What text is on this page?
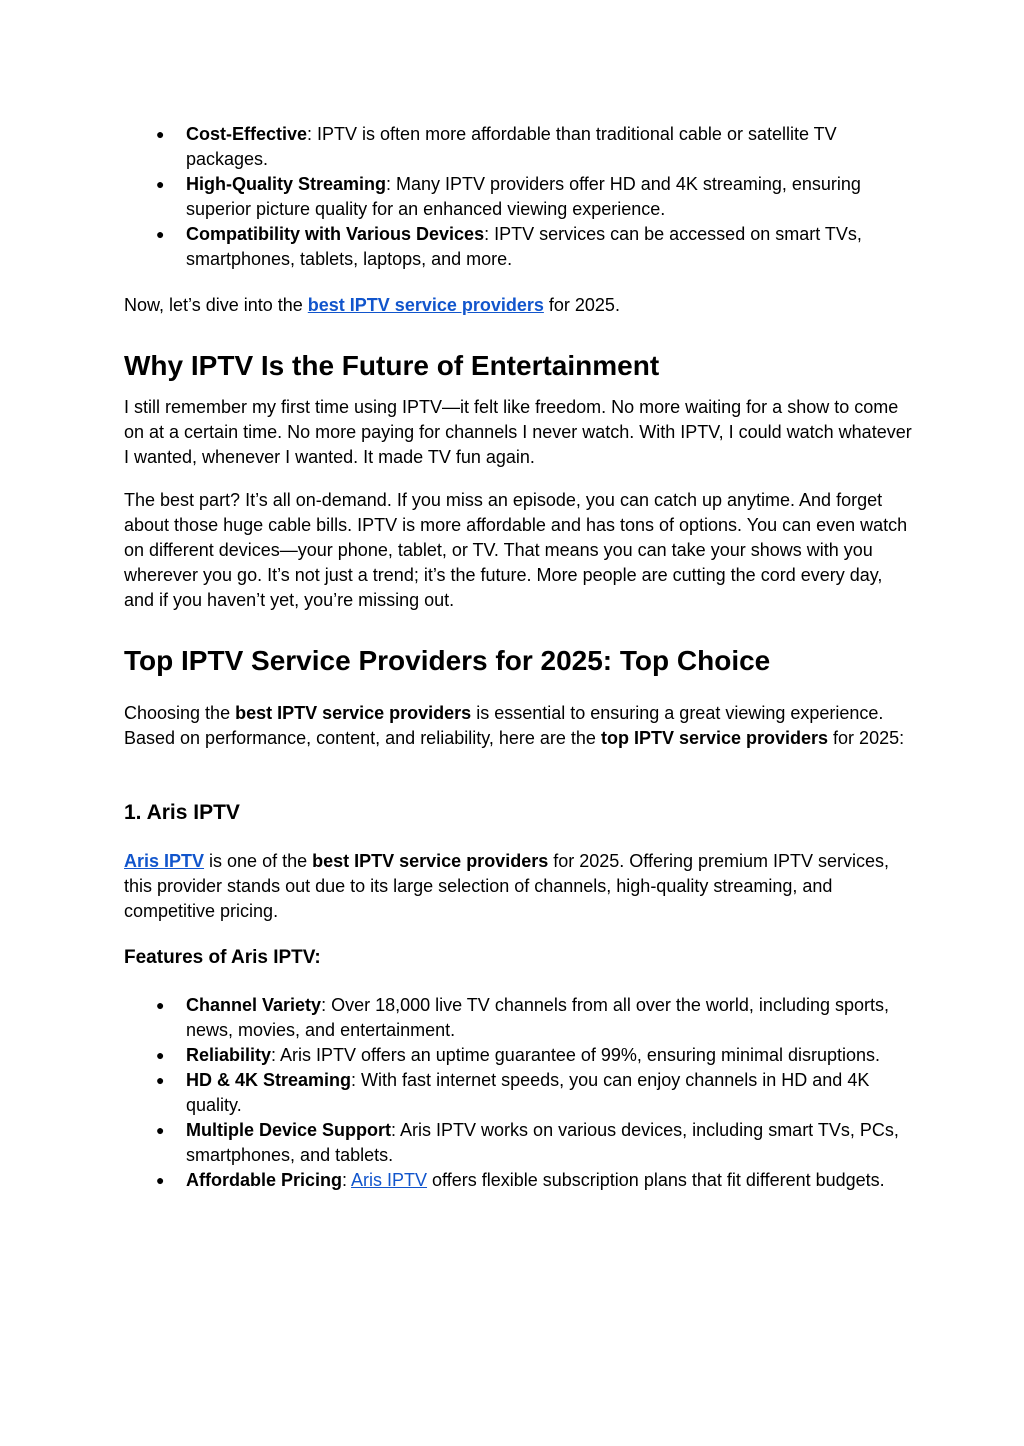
● Cost-Effective: IPTV is often more affordable than traditional cable or satellite TV packages.
● High-Quality Streaming: Many IPTV providers offer HD and 4K streaming, ensuring superior picture quality for an enhanced viewing experience.
● Compatibility with Various Devices: IPTV services can be accessed on smart TVs, smartphones, tablets, laptops, and more.

Now, let’s dive into the best IPTV service providers for 2025.

Why IPTV Is the Future of Entertainment

I still remember my first time using IPTV—it felt like freedom. No more waiting for a show to come on at a certain time. No more paying for channels I never watch. With IPTV, I could watch whatever I wanted, whenever I wanted. It made TV fun again.

The best part? It’s all on-demand. If you miss an episode, you can catch up anytime. And forget about those huge cable bills. IPTV is more affordable and has tons of options. You can even watch on different devices—your phone, tablet, or TV. That means you can take your shows with you wherever you go. It’s not just a trend; it’s the future. More people are cutting the cord every day, and if you haven’t yet, you’re missing out.

Top IPTV Service Providers for 2025: Top Choice

Choosing the best IPTV service providers is essential to ensuring a great viewing experience. Based on performance, content, and reliability, here are the top IPTV service providers for 2025:

1. Aris IPTV

Aris IPTV is one of the best IPTV service providers for 2025. Offering premium IPTV services, this provider stands out due to its large selection of channels, high-quality streaming, and competitive pricing.

Features of Aris IPTV:
● Channel Variety: Over 18,000 live TV channels from all over the world, including sports, news, movies, and entertainment.
● Reliability: Aris IPTV offers an uptime guarantee of 99%, ensuring minimal disruptions.
● HD & 4K Streaming: With fast internet speeds, you can enjoy channels in HD and 4K quality.
● Multiple Device Support: Aris IPTV works on various devices, including smart TVs, PCs, smartphones, and tablets.
● Affordable Pricing: Aris IPTV offers flexible subscription plans that fit different budgets.
